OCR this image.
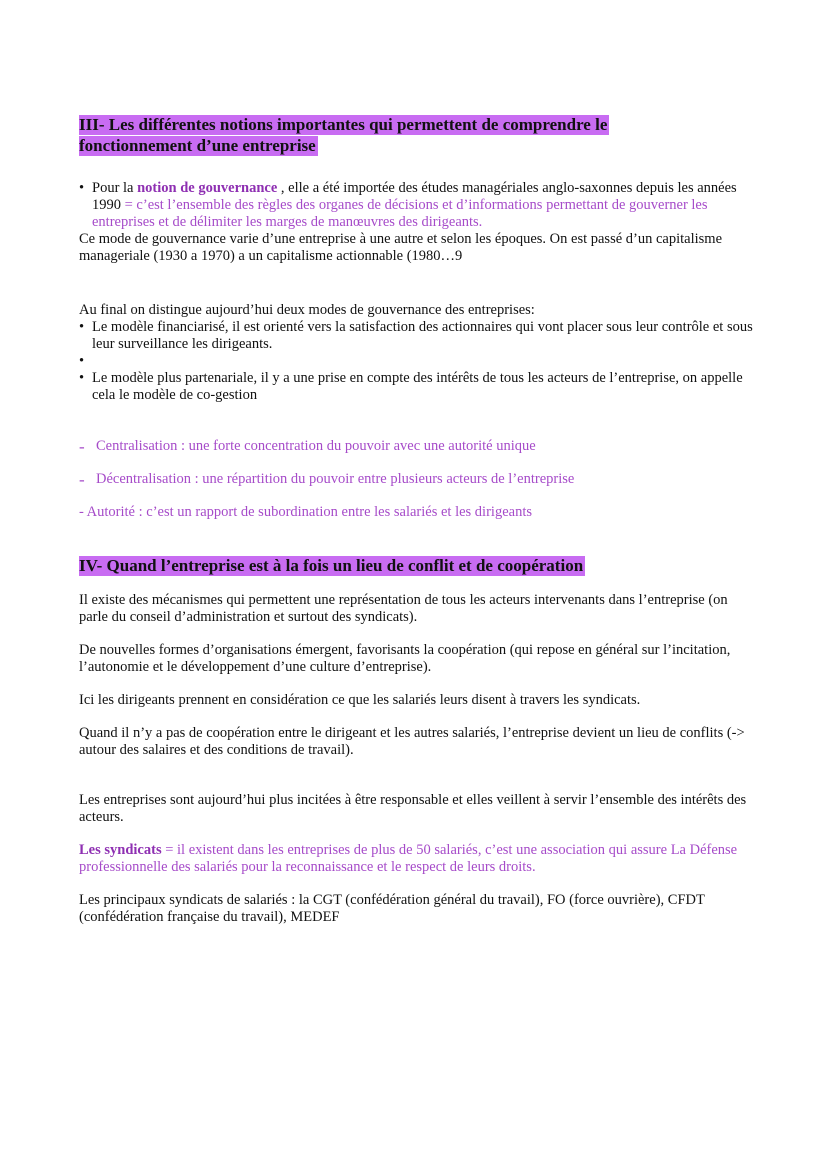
III- Les différentes notions importantes qui permettent de comprendre le
fonctionnement d’une entreprise
• Pour la notion de gouvernance , elle a été importée des études managériales anglo-saxonnes depuis les années 1990 = c’est l’ensemble des règles des organes de décisions et d’informations permettant de gouverner les entreprises et de délimiter les marges de manœuvres des dirigeants.

Ce mode de gouvernance varie d’une entreprise à une autre et selon les époques. On est passé d’un capitalisme manageriale (1930 a 1970) a un capitalisme actionnable (1980…9

Au final on distingue aujourd’hui deux modes de gouvernance des entreprises:

• Le modèle financiarisé, il est orienté vers la satisfaction des actionnaires qui vont placer sous leur contrôle et sous leur surveillance les dirigeants.
•
• Le modèle plus partenariale, il y a une prise en compte des intérêts de tous les acteurs de l’entreprise, on appelle cela le modèle de co-gestion
- Centralisation : une forte concentration du pouvoir avec une autorité unique
- Décentralisation : une répartition du pouvoir entre plusieurs acteurs de l’entreprise

- Autorité : c’est un rapport de subordination entre les salariés et les dirigeants

IV- Quand l’entreprise est à la fois un lieu de conflit et de coopération

Il existe des mécanismes qui permettent une représentation de tous les acteurs intervenants dans l’entreprise (on parle du conseil d’administration et surtout des syndicats).

De nouvelles formes d’organisations émergent, favorisants la coopération (qui repose en général sur l’incitation, l’autonomie et le développement d’une culture d’entreprise).

Ici les dirigeants prennent en considération ce que les salariés leurs disent à travers les syndicats.

Quand il n’y a pas de coopération entre le dirigeant et les autres salariés, l’entreprise devient un lieu de conflits (-> autour des salaires et des conditions de travail).

Les entreprises sont aujourd’hui plus incitées à être responsable et elles veillent à servir l’ensemble des intérêts des acteurs.

Les syndicats = il existent dans les entreprises de plus de 50 salariés, c’est une association qui assure La Défense professionnelle des salariés pour la reconnaissance et le respect de leurs droits.

Les principaux syndicats de salariés : la CGT (confédération général du travail), FO (force ouvrière), CFDT (confédération française du travail), MEDEF
